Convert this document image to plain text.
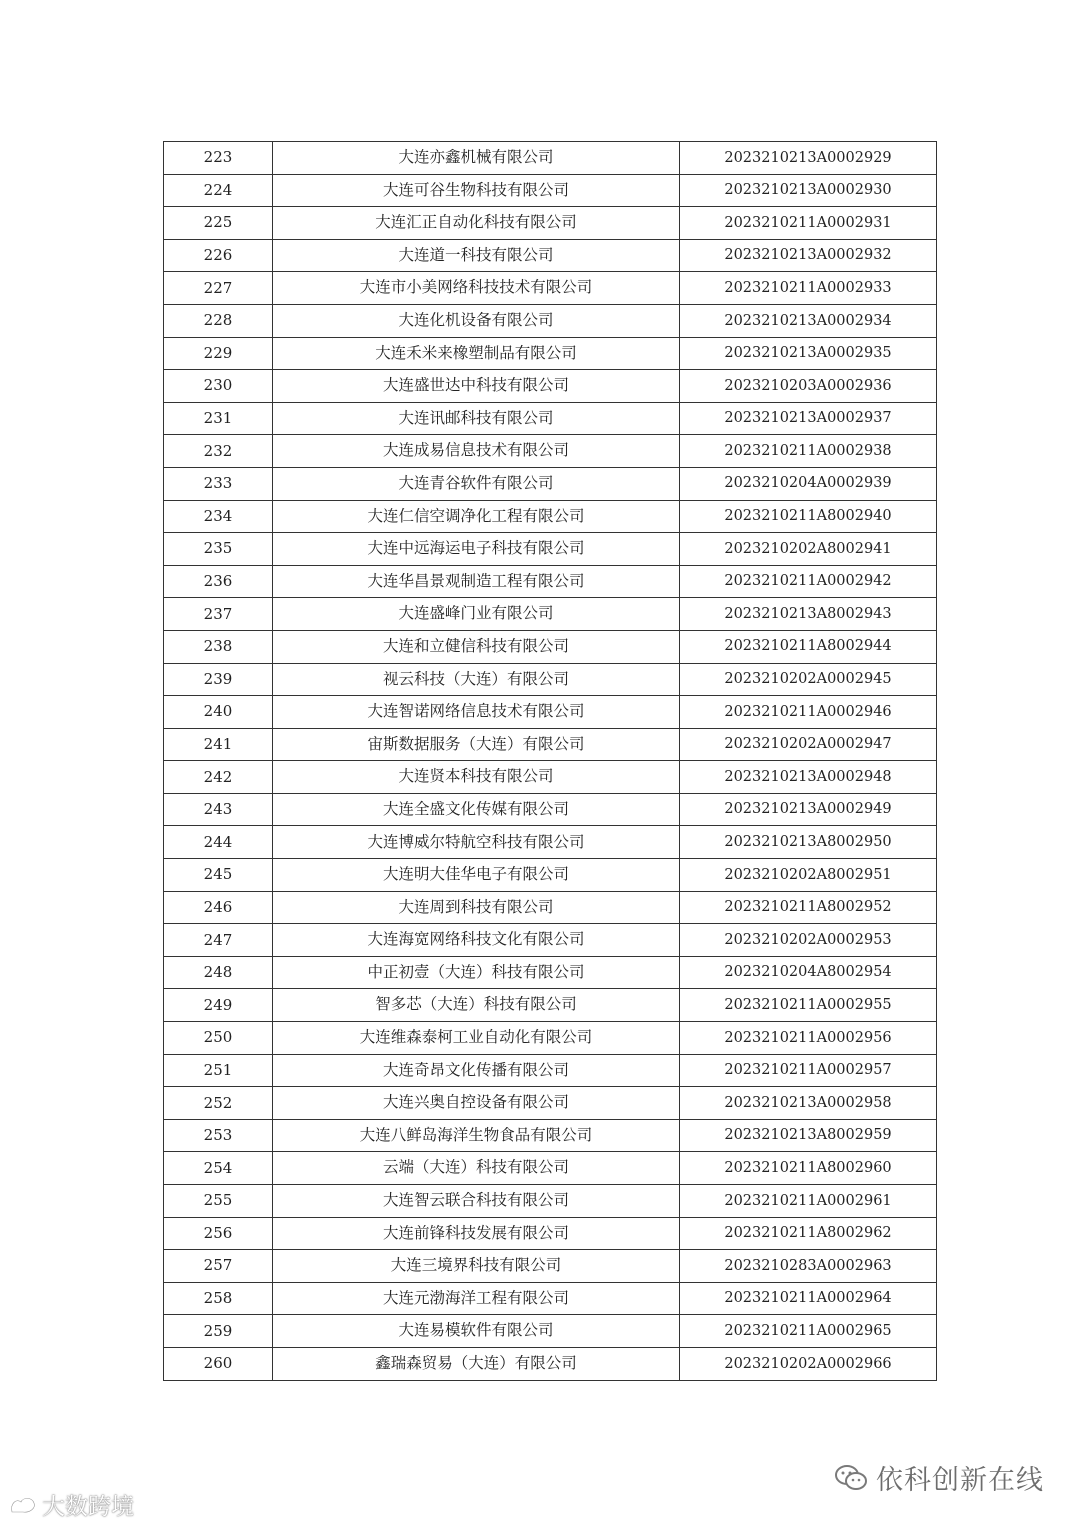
223	大连亦鑫机械有限公司	2023210213A0002929
224	大连可谷生物科技有限公司	2023210213A0002930
225	大连汇正自动化科技有限公司	2023210211A0002931
226	大连道一科技有限公司	2023210213A0002932
227	大连市小美网络科技技术有限公司	2023210211A0002933
228	大连化机设备有限公司	2023210213A0002934
229	大连禾米来橡塑制品有限公司	2023210213A0002935
230	大连盛世达中科技有限公司	2023210203A0002936
231	大连讯邮科技有限公司	2023210213A0002937
232	大连成易信息技术有限公司	2023210211A0002938
233	大连青谷软件有限公司	2023210204A0002939
234	大连仁信空调净化工程有限公司	2023210211A8002940
235	大连中远海运电子科技有限公司	2023210202A8002941
236	大连华昌景观制造工程有限公司	2023210211A0002942
237	大连盛峰门业有限公司	2023210213A8002943
238	大连和立健信科技有限公司	2023210211A8002944
239	视云科技（大连）有限公司	2023210202A0002945
240	大连智诺网络信息技术有限公司	2023210211A0002946
241	宙斯数据服务（大连）有限公司	2023210202A0002947
242	大连贤本科技有限公司	2023210213A0002948
243	大连全盛文化传媒有限公司	2023210213A0002949
244	大连博威尔特航空科技有限公司	2023210213A8002950
245	大连明大佳华电子有限公司	2023210202A8002951
246	大连周到科技有限公司	2023210211A8002952
247	大连海宽网络科技文化有限公司	2023210202A0002953
248	中正初壹（大连）科技有限公司	2023210204A8002954
249	智多芯（大连）科技有限公司	2023210211A0002955
250	大连维森泰柯工业自动化有限公司	2023210211A0002956
251	大连奇昂文化传播有限公司	2023210211A0002957
252	大连兴奥自控设备有限公司	2023210213A0002958
253	大连八鲜岛海洋生物食品有限公司	2023210213A8002959
254	云端（大连）科技有限公司	2023210211A8002960
255	大连智云联合科技有限公司	2023210211A0002961
256	大连前锋科技发展有限公司	2023210211A8002962
257	大连三境界科技有限公司	2023210283A0002963
258	大连元渤海洋工程有限公司	2023210211A0002964
259	大连易模软件有限公司	2023210211A0002965
260	鑫瑞森贸易（大连）有限公司	2023210202A0002966
依科创新在线
大数跨境
